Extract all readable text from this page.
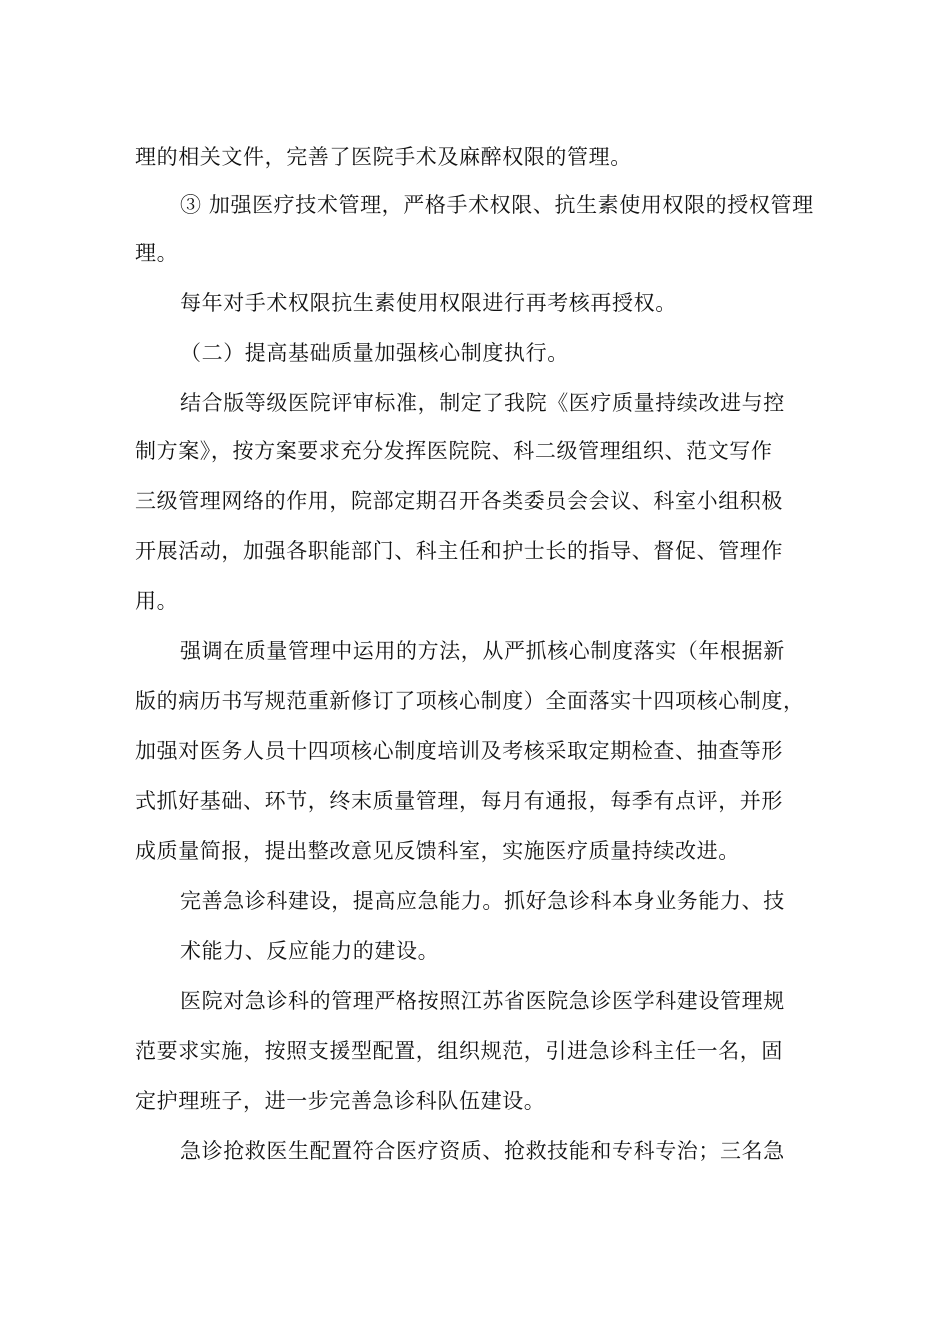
理的相关文件，完善了医院手术及麻醉权限的管理。
③ 加强医疗技术管理，严格手术权限、抗生素使用权限的授权管理
理。
每年对手术权限抗生素使用权限进行再考核再授权。
（二）提高基础质量加强核心制度执行。
结合版等级医院评审标准，制定了我院《医疗质量持续改进与控
制方案》，按方案要求充分发挥医院院、科二级管理组织、范文写作
三级管理网络的作用，院部定期召开各类委员会会议、科室小组积极
开展活动，加强各职能部门、科主任和护士长的指导、督促、管理作
用。
强调在质量管理中运用的方法，从严抓核心制度落实（年根据新
版的病历书写规范重新修订了项核心制度）全面落实十四项核心制度，
加强对医务人员十四项核心制度培训及考核采取定期检查、抽查等形
式抓好基础、环节，终末质量管理，每月有通报，每季有点评，并形
成质量简报，提出整改意见反馈科室，实施医疗质量持续改进。
完善急诊科建设，提高应急能力。抓好急诊科本身业务能力、技
术能力、反应能力的建设。
医院对急诊科的管理严格按照江苏省医院急诊医学科建设管理规
范要求实施，按照支援型配置，组织规范，引进急诊科主任一名，固
定护理班子，进一步完善急诊科队伍建设。
急诊抢救医生配置符合医疗资质、抢救技能和专科专治；三名急
